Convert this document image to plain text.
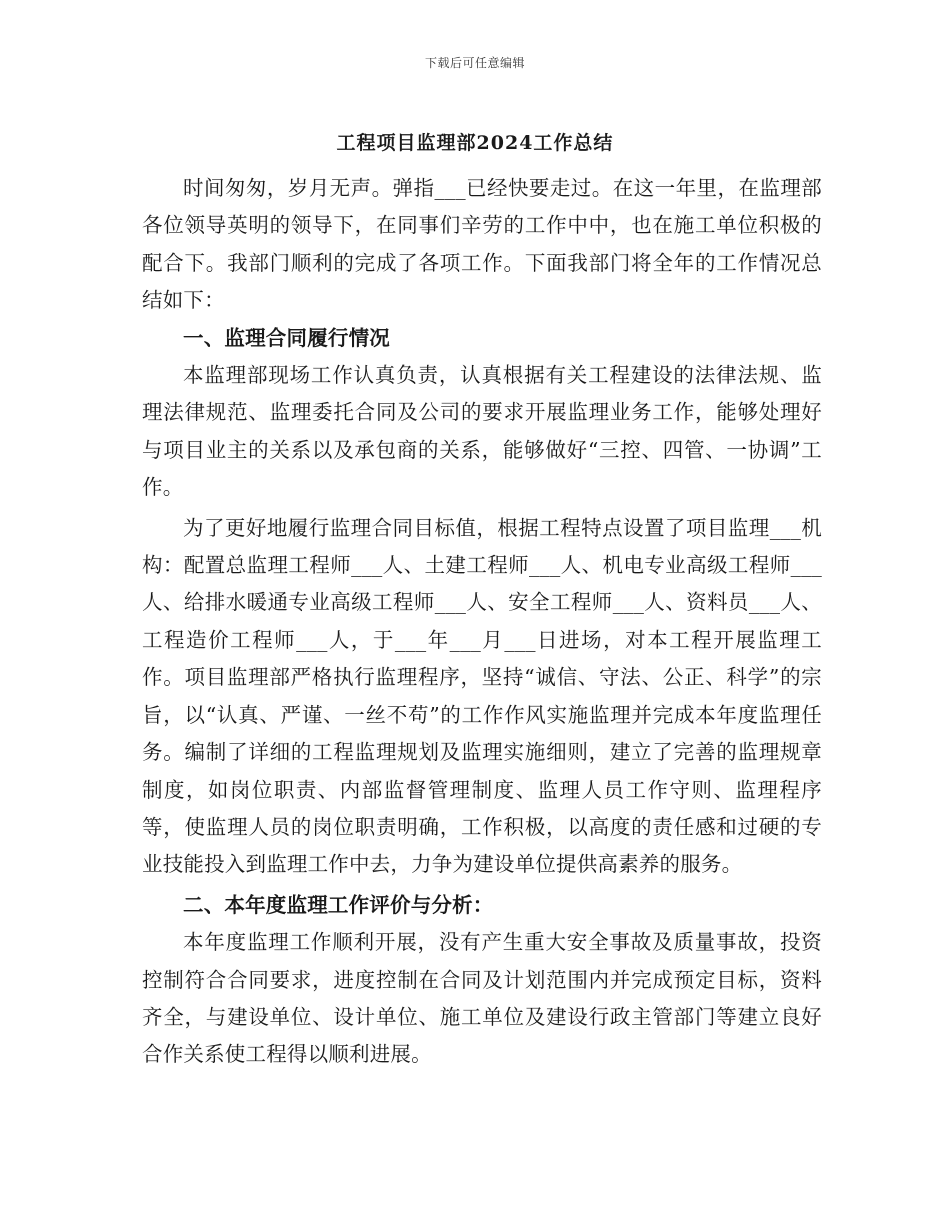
下载后可任意编辑
工程项目监理部2024工作总结

时间匆匆，岁月无声。弹指___已经快要走过。在这一年里，在监理部各位领导英明的领导下，在同事们辛劳的工作中中，也在施工单位积极的配合下。我部门顺利的完成了各项工作。下面我部门将全年的工作情况总结如下：

一、监理合同履行情况

本监理部现场工作认真负责，认真根据有关工程建设的法律法规、监理法律规范、监理委托合同及公司的要求开展监理业务工作，能够处理好与项目业主的关系以及承包商的关系，能够做好“三控、四管、一协调”工作。

为了更好地履行监理合同目标值，根据工程特点设置了项目监理___机构：配置总监理工程师___人、土建工程师___人、机电专业高级工程师___人、给排水暖通专业高级工程师___人、安全工程师___人、资料员___人、工程造价工程师___人，于___年___月___日进场，对本工程开展监理工作。项目监理部严格执行监理程序，坚持“诚信、守法、公正、科学”的宗旨，以“认真、严谨、一丝不苟”的工作作风实施监理并完成本年度监理任务。编制了详细的工程监理规划及监理实施细则，建立了完善的监理规章制度，如岗位职责、内部监督管理制度、监理人员工作守则、监理程序等，使监理人员的岗位职责明确，工作积极，以高度的责任感和过硬的专业技能投入到监理工作中去，力争为建设单位提供高素养的服务。

二、本年度监理工作评价与分析：

本年度监理工作顺利开展，没有产生重大安全事故及质量事故，投资控制符合合同要求，进度控制在合同及计划范围内并完成预定目标，资料齐全，与建设单位、设计单位、施工单位及建设行政主管部门等建立良好合作关系使工程得以顺利进展。
